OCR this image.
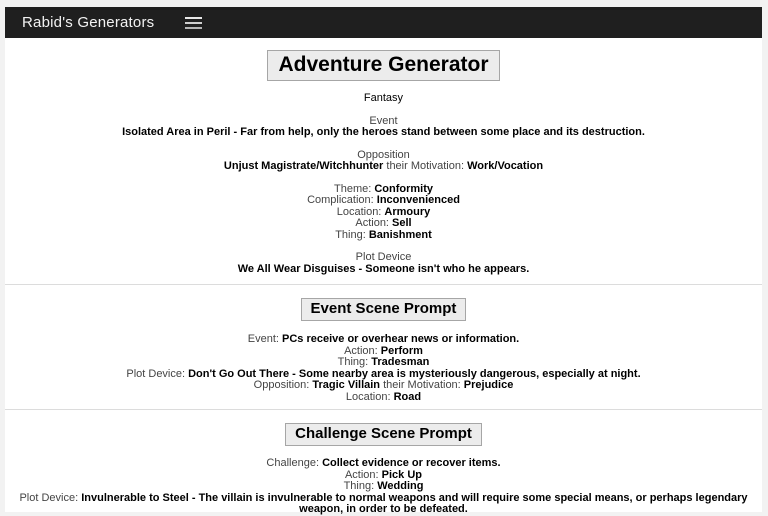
Rabid's Generators
Adventure Generator
Fantasy
Event
Isolated Area in Peril - Far from help, only the heroes stand between some place and its destruction.
Opposition
Unjust Magistrate/Witchhunter their Motivation: Work/Vocation
Theme: Conformity
Complication: Inconvenienced
Location: Armoury
Action: Sell
Thing: Banishment
Plot Device
We All Wear Disguises - Someone isn't who he appears.
Event Scene Prompt
Event: PCs receive or overhear news or information.
Action: Perform
Thing: Tradesman
Plot Device: Don't Go Out There - Some nearby area is mysteriously dangerous, especially at night.
Opposition: Tragic Villain their Motivation: Prejudice
Location: Road
Challenge Scene Prompt
Challenge: Collect evidence or recover items.
Action: Pick Up
Thing: Wedding
Plot Device: Invulnerable to Steel - The villain is invulnerable to normal weapons and will require some special means, or perhaps legendary weapon, in order to be defeated.
